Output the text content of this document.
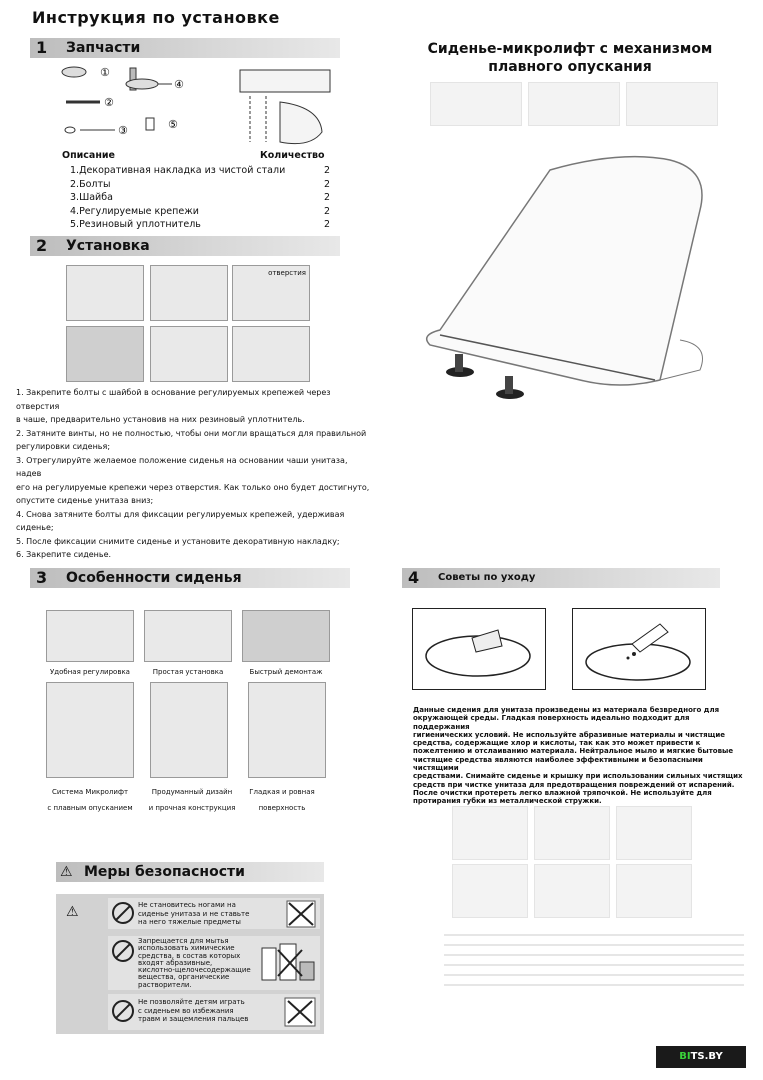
Инструкция по установке
1 Запчасти
①
②
③
④
⑤
Описание	Количество
1.Декоративная накладка из чистой стали	2
2.Болты	2
3.Шайба	2
4.Регулируемые крепежи	2
5.Резиновый уплотнитель	2
2 Установка
отверстия
1. Закрепите болты с шайбой в основание регулируемых крепежей через отверстия
в чаше, предварительно установив на них резиновый уплотнитель.
2. Затяните винты, но не полностью, чтобы они могли вращаться для правильной
регулировки сиденья;
3. Отрегулируйте желаемое положение сиденья на основании чаши унитаза, надев
его на регулируемые крепежи через отверстия. Как только оно будет достигнуто,
опустите сиденье унитаза вниз;
4. Снова затяните болты для фиксации регулируемых крепежей, удерживая сиденье;
5. После фиксации снимите сиденье и установите декоративную накладку;
6. Закрепите сиденье.
Сиденье-микролифт с механизмом
плавного опускания
3 Особенности сиденья
Удобная регулировка	Простая установка	Быстрый демонтаж
Система Микролифт
с плавным опусканием
Продуманный дизайн
и прочная конструкция
Гладкая и ровная
поверхность
4 Советы по уходу
Данные сидения для унитаза произведены из материала безвредного для
окружающей среды. Гладкая поверхность идеально подходит для поддержания
гигиенических условий. Не используйте абразивные материалы и чистящие
средства, содержащие хлор и кислоты, так как это может привести к
пожелтению и отслаиванию материала. Нейтральное мыло и мягкие бытовые
чистящие средства являются наиболее эффективными и безопасными чистящими
средствами. Снимайте сиденье и крышку при использовании сильных чистящих
средств при чистке унитаза для предотвращения повреждений от испарений.
После очистки протереть легко влажной тряпочкой. Не используйте для
протирания губки из металлической стружки.
⚠ Меры безопасности
⚠	Не становитесь ногами на
сиденье унитаза и не ставьте
на него тяжелые предметы
Запрещается для мытья
использовать химические
средства, в состав которых
входят абразивные,
кислотно-щелочесодержащие
вещества, органические
растворители.
Не позволяйте детям играть
с сиденьем во избежания
травм и защемления пальцев
BITS.BY
